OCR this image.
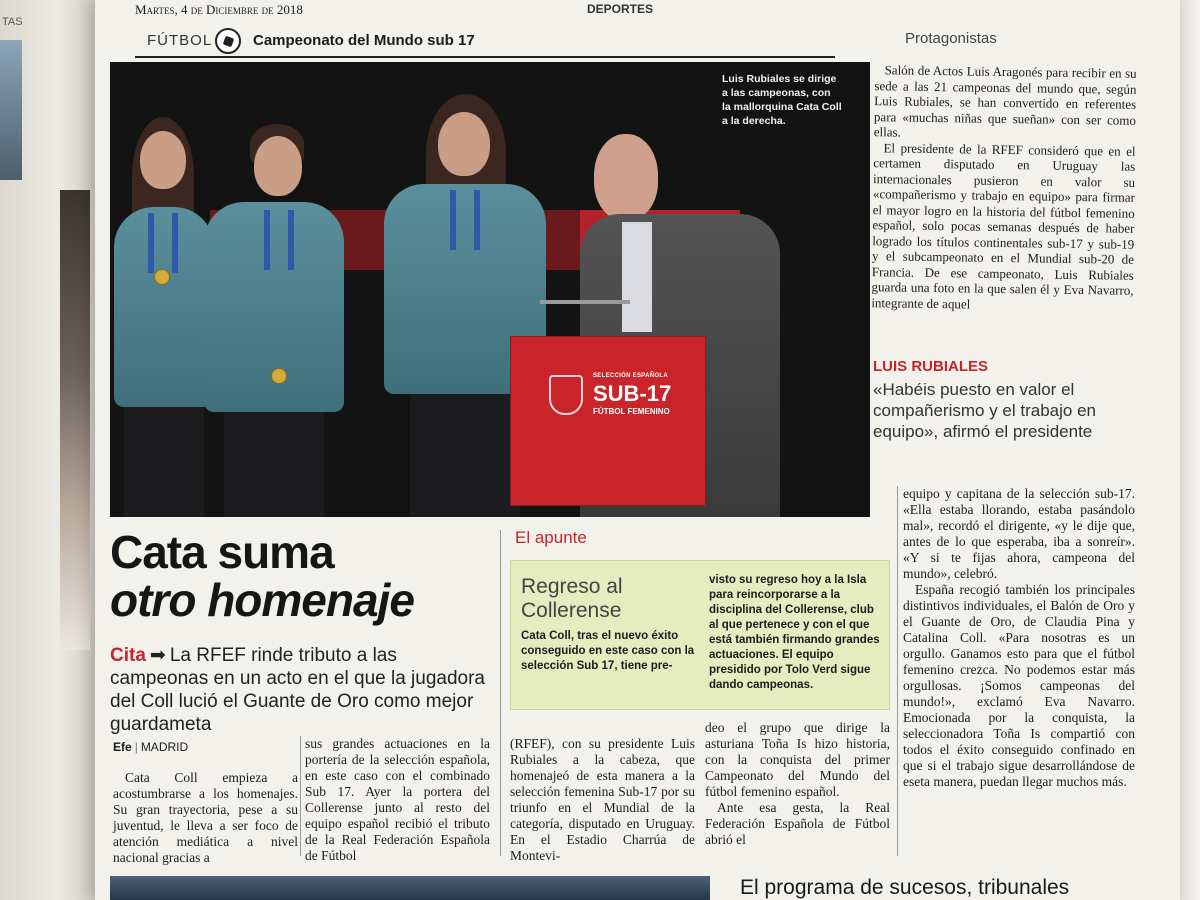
TAS
Martes, 4 de Diciembre de 2018	DEPORTES
FÚTBOL	Campeonato del Mundo sub 17	Protagonistas
SELECCIÓN ESPAÑOLA
SUB-17
FÚTBOL FEMENINO
Luis Rubiales se dirige a las campeonas, con la mallorquina Cata Coll a la derecha.

Salón de Actos Luis Aragonés para recibir en su sede a las 21 campeonas del mundo que, según Luis Rubiales, se han convertido en referentes para «muchas niñas que sueñan» con ser como ellas.

El presidente de la RFEF consideró que en el certamen disputado en Uruguay las internacionales pusieron en valor su «compañerismo y trabajo en equipo» para firmar el mayor logro en la historia del fútbol femenino español, solo pocas semanas después de haber logrado los títulos continentales sub-17 y sub-19 y el subcampeonato en el Mundial sub-20 de Francia. De ese campeonato, Luis Rubiales guarda una foto en la que salen él y Eva Navarro, integrante de aquel

LUIS RUBIALES
«Habéis puesto en valor el compañerismo y el trabajo en equipo», afirmó el presidente
Cata suma
otro homenaje
Cita ➡ La RFEF rinde tributo a las campeonas en un acto en el que la jugadora del Coll lució el Guante de Oro como mejor guardameta
Efe | MADRID

Cata Coll empieza a acostumbrarse a los homenajes. Su gran trayectoria, pese a su juventud, le lleva a ser foco de atención mediática a nivel nacional gracias a

sus grandes actuaciones en la portería de la selección española, en este caso con el combinado Sub 17. Ayer la portera del Collerense junto al resto del equipo español recibió el tributo de la Real Federación Española de Fútbol

El apunte
Regreso al Collerense
Cata Coll, tras el nuevo éxito conseguido en este caso con la selección Sub 17, tiene pre-
visto su regreso hoy a la Isla para reincorporarse a la disciplina del Collerense, club al que pertenece y con el que está también firmando grandes actuaciones. El equipo presidido por Tolo Verd sigue dando campeonas.

(RFEF), con su presidente Luis Rubiales a la cabeza, que homenajeó de esta manera a la selección femenina Sub-17 por su triunfo en el Mundial de la categoría, disputado en Uruguay. En el Estadio Charrúa de Montevi-

deo el grupo que dirige la asturiana Toña Is hizo historia, con la conquista del primer Campeonato del Mundo del fútbol femenino español.

Ante esa gesta, la Real Federación Española de Fútbol abrió el

equipo y capitana de la selección sub-17. «Ella estaba llorando, estaba pasándolo mal», recordó el dirigente, «y le dije que, antes de lo que esperaba, iba a sonreír». «Y si te fijas ahora, campeona del mundo», celebró.

España recogió también los principales distintivos individuales, el Balón de Oro y el Guante de Oro, de Claudia Pina y Catalina Coll. «Para nosotras es un orgullo. Ganamos esto para que el fútbol femenino crezca. No podemos estar más orgullosas. ¡Somos campeonas del mundo!», exclamó Eva Navarro. Emocionada por la conquista, la seleccionadora Toña Is compartió con todos el éxito conseguido confinado en que si el trabajo sigue desarrollándose de eseta manera, puedan llegar muchos más.

El programa de sucesos, tribunales
